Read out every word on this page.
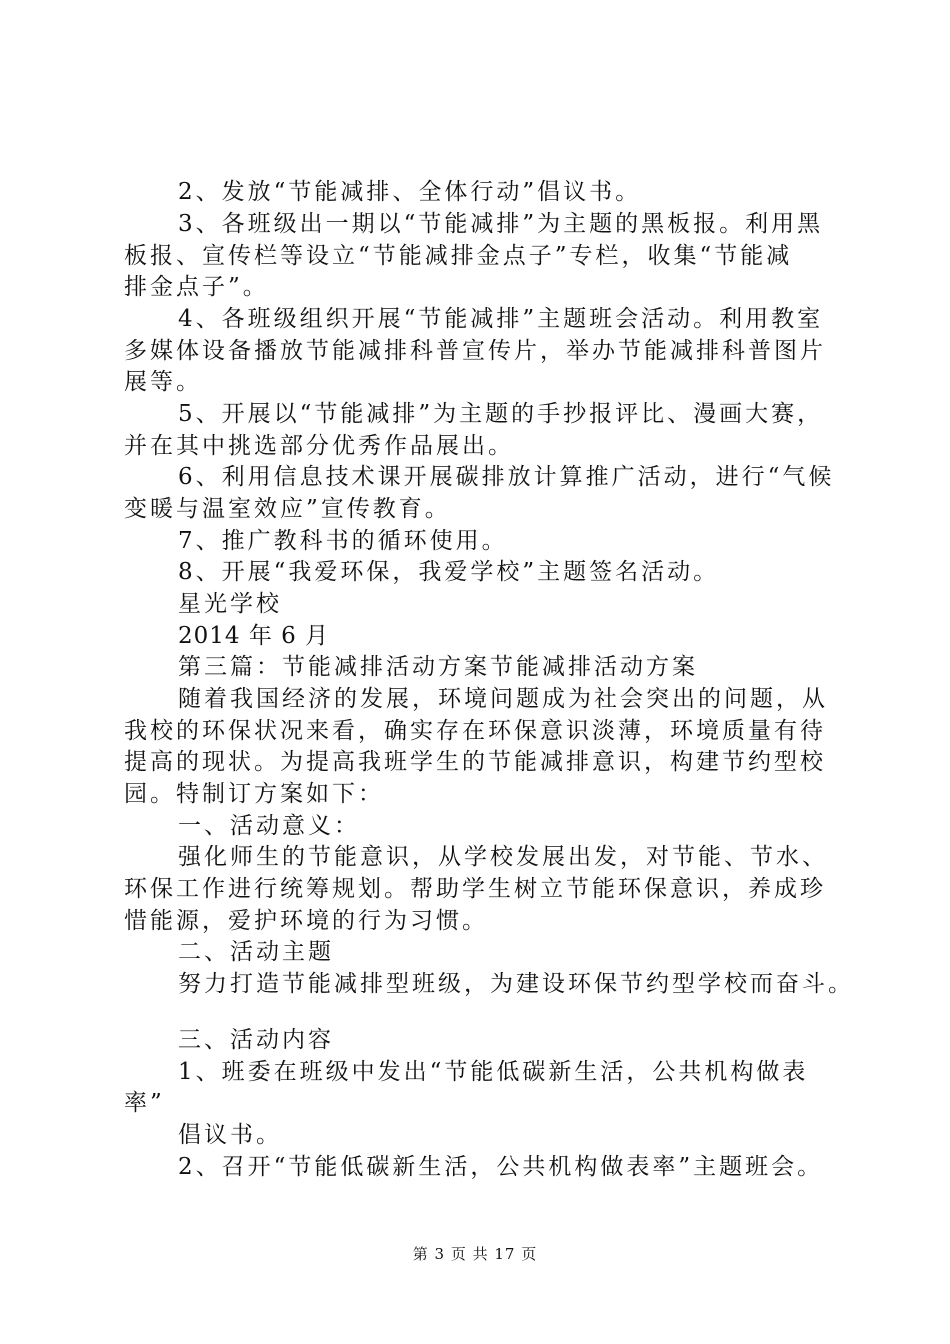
2、发放“节能减排、全体行动”倡议书。
3、各班级出一期以“节能减排”为主题的黑板报。利用黑
板报、宣传栏等设立“节能减排金点子”专栏，收集“节能减
排金点子”。
4、各班级组织开展“节能减排”主题班会活动。利用教室
多媒体设备播放节能减排科普宣传片，举办节能减排科普图片
展等。
5、开展以“节能减排”为主题的手抄报评比、漫画大赛，
并在其中挑选部分优秀作品展出。
6、利用信息技术课开展碳排放计算推广活动，进行“气候
变暖与温室效应”宣传教育。
7、推广教科书的循环使用。
8、开展“我爱环保，我爱学校”主题签名活动。
星光学校
2014 年 6 月
第三篇：节能减排活动方案节能减排活动方案
随着我国经济的发展，环境问题成为社会突出的问题，从
我校的环保状况来看，确实存在环保意识淡薄，环境质量有待
提高的现状。为提高我班学生的节能减排意识，构建节约型校
园。特制订方案如下：
一、活动意义：
强化师生的节能意识，从学校发展出发，对节能、节水、
环保工作进行统筹规划。帮助学生树立节能环保意识，养成珍
惜能源，爱护环境的行为习惯。
二、活动主题
努力打造节能减排型班级，为建设环保节约型学校而奋斗。
三、活动内容
1、班委在班级中发出“节能低碳新生活，公共机构做表
率”
倡议书。
2、召开“节能低碳新生活，公共机构做表率”主题班会。
第 3 页 共 17 页
